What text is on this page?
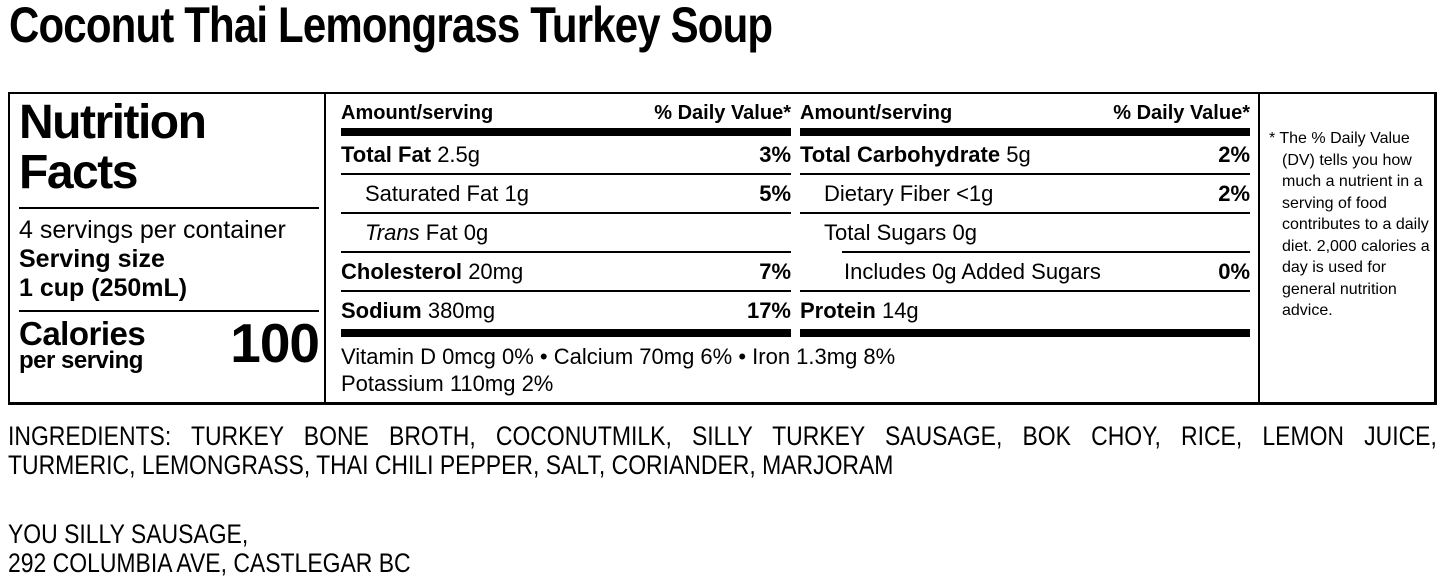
Coconut Thai Lemongrass Turkey Soup
Nutrition
Facts
4 servings per container
Serving size
1 cup (250mL)
Calories
per serving 100
Amount/serving	% Daily Value*
Total Fat 2.5g	3%
Saturated Fat 1g	5%
Trans Fat 0g
Cholesterol 20mg	7%
Sodium 380mg	17%
Amount/serving	% Daily Value*
Total Carbohydrate 5g	2%
Dietary Fiber <1g	2%
Total Sugars 0g
Includes 0g Added Sugars	0%
Protein 14g
Vitamin D 0mcg 0% • Calcium 70mg 6% • Iron 1.3mg 8%
Potassium 110mg 2%
* The % Daily Value (DV) tells you how much a nutrient in a serving of food contributes to a daily diet. 2,000 calories a day is used for general nutrition advice.
INGREDIENTS: TURKEY BONE BROTH, COCONUTMILK, SILLY TURKEY SAUSAGE, BOK CHOY, RICE, LEMON JUICE,
TURMERIC, LEMONGRASS, THAI CHILI PEPPER, SALT, CORIANDER, MARJORAM
YOU SILLY SAUSAGE,
292 COLUMBIA AVE, CASTLEGAR BC
